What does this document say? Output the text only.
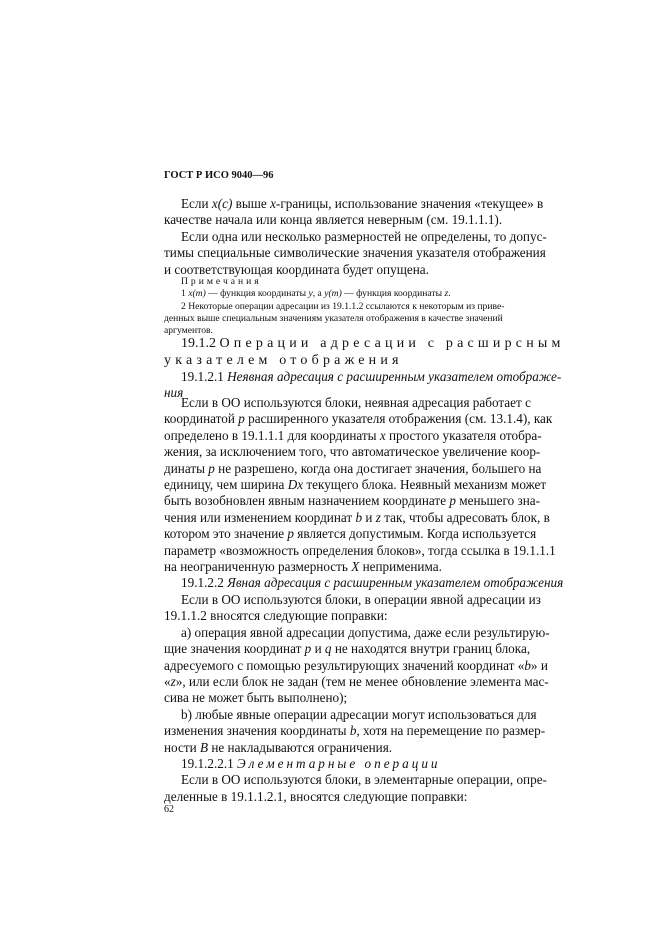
ГОСТ Р ИСО 9040—96
Если x(c) выше x-границы, использование значения «текущее» в
качестве начала или конца является неверным (см. 19.1.1.1).
Если одна или несколько размерностей не определены, то допус-
тимы специальные символические значения указателя отображения
и соответствующая координата будет опущена.
Примечания
1 x(m) — функция координаты y, а y(m) — функция координаты z.
2 Некоторые операции адресации из 19.1.1.2 ссылаются к некоторым из приве-
денных выше специальным значениям указателя отображения в качестве значений
аргументов.
19.1.2 Операции адресации с расширсным
указателем отображения
19.1.2.1 Неявная адресация с расширенным указателем отображе-
ния
Если в ОО используются блоки, неявная адресация работает с
координатой p расширенного указателя отображения (см. 13.1.4), как
определено в 19.1.1.1 для координаты x простого указателя отобра-
жения, за исключением того, что автоматическое увеличение коор-
динаты p не разрешено, когда она достигает значения, большего на
единицу, чем ширина Dx текущего блока. Неявный механизм может
быть возобновлен явным назначением координате p меньшего зна-
чения или изменением координат b и z так, чтобы адресовать блок, в
котором это значение p является допустимым. Когда используется
параметр «возможность определения блоков», тогда ссылка в 19.1.1.1
на неограниченную размерность X неприменима.
19.1.2.2 Явная адресация с расширенным указателем отображения
Если в ОО используются блоки, в операции явной адресации из
19.1.1.2 вносятся следующие поправки:
а) операция явной адресации допустима, даже если результирую-
щие значения координат p и q не находятся внутри границ блока,
адресуемого с помощью результирующих значений координат «b» и
«z», или если блок не задан (тем не менее обновление элемента мас-
сива не может быть выполнено);
b) любые явные операции адресации могут использоваться для
изменения значения координаты b, хотя на перемещение по размер-
ности B не накладываются ограничения.
19.1.2.2.1 Элементарные операции
Если в ОО используются блоки, в элементарные операции, опре-
деленные в 19.1.1.2.1, вносятся следующие поправки:
62
